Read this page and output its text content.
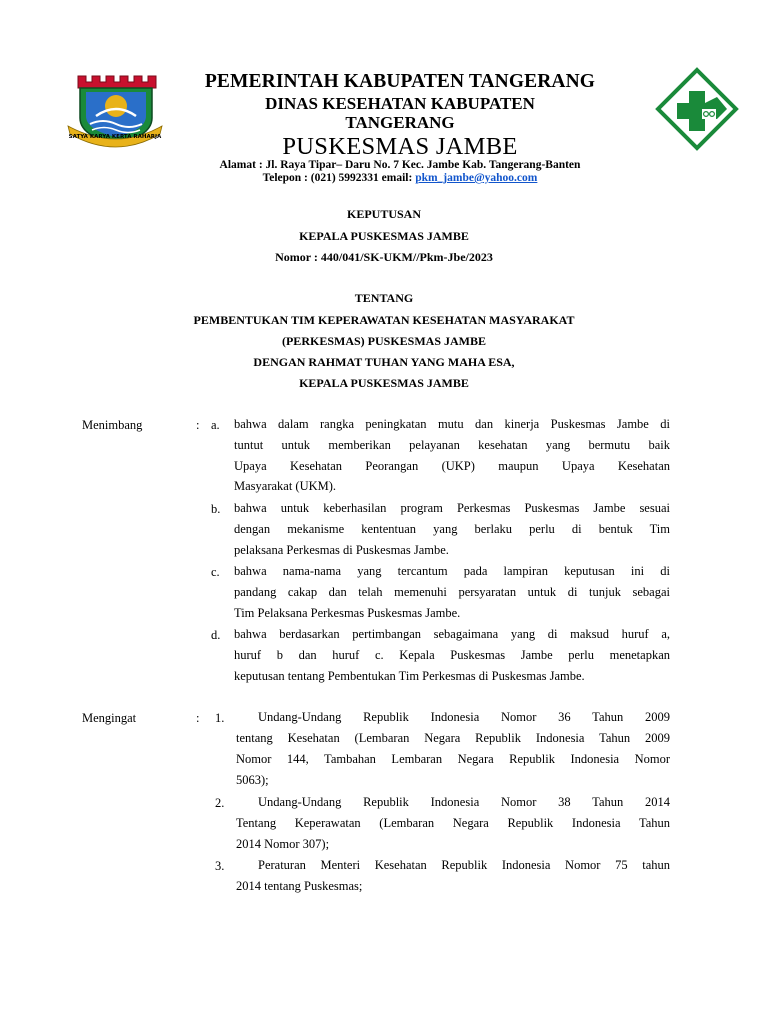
SATYA KARYA KERTA RAHARJA
PEMERINTAH KABUPATEN TANGERANG
DINAS KESEHATAN KABUPATEN
TANGERANG
PUSKESMAS JAMBE
Alamat : Jl. Raya Tipar– Daru No. 7 Kec. Jambe Kab. Tangerang-Banten
Telepon : (021) 5992331 email: pkm_jambe@yahoo.com
KEPUTUSAN
KEPALA PUSKESMAS JAMBE
Nomor : 440/041/SK-UKM//Pkm-Jbe/2023
TENTANG
PEMBENTUKAN TIM KEPERAWATAN KESEHATAN MASYARAKAT
(PERKESMAS) PUSKESMAS JAMBE
DENGAN RAHMAT TUHAN YANG MAHA ESA,
KEPALA PUSKESMAS JAMBE
Menimbang	: a. bahwa dalam rangka peningkatan mutu dan kinerja Puskesmas Jambe di
tuntut untuk memberikan pelayanan kesehatan yang bermutu baik
Upaya Kesehatan Peorangan (UKP) maupun Upaya Kesehatan
Masyarakat (UKM).
b. bahwa untuk keberhasilan program Perkesmas Puskesmas Jambe sesuai
dengan mekanisme kententuan yang berlaku perlu di bentuk Tim
pelaksana Perkesmas di Puskesmas Jambe.
c. bahwa nama-nama yang tercantum pada lampiran keputusan ini di
pandang cakap dan telah memenuhi persyaratan untuk di tunjuk sebagai
Tim Pelaksana Perkesmas Puskesmas Jambe.
d. bahwa berdasarkan pertimbangan sebagaimana yang di maksud huruf a,
huruf b dan huruf c. Kepala Puskesmas Jambe perlu menetapkan
keputusan tentang Pembentukan Tim Perkesmas di Puskesmas Jambe.
Mengingat	: 1.	Undang-Undang Republik Indonesia Nomor 36 Tahun 2009
tentang Kesehatan (Lembaran Negara Republik Indonesia Tahun 2009
Nomor 144, Tambahan Lembaran Negara Republik Indonesia Nomor
5063);
2.	Undang-Undang Republik Indonesia Nomor 38 Tahun 2014
Tentang Keperawatan (Lembaran Negara Republik Indonesia Tahun
2014 Nomor 307);
3.	Peraturan Menteri Kesehatan Republik Indonesia Nomor 75 tahun
2014 tentang Puskesmas;
